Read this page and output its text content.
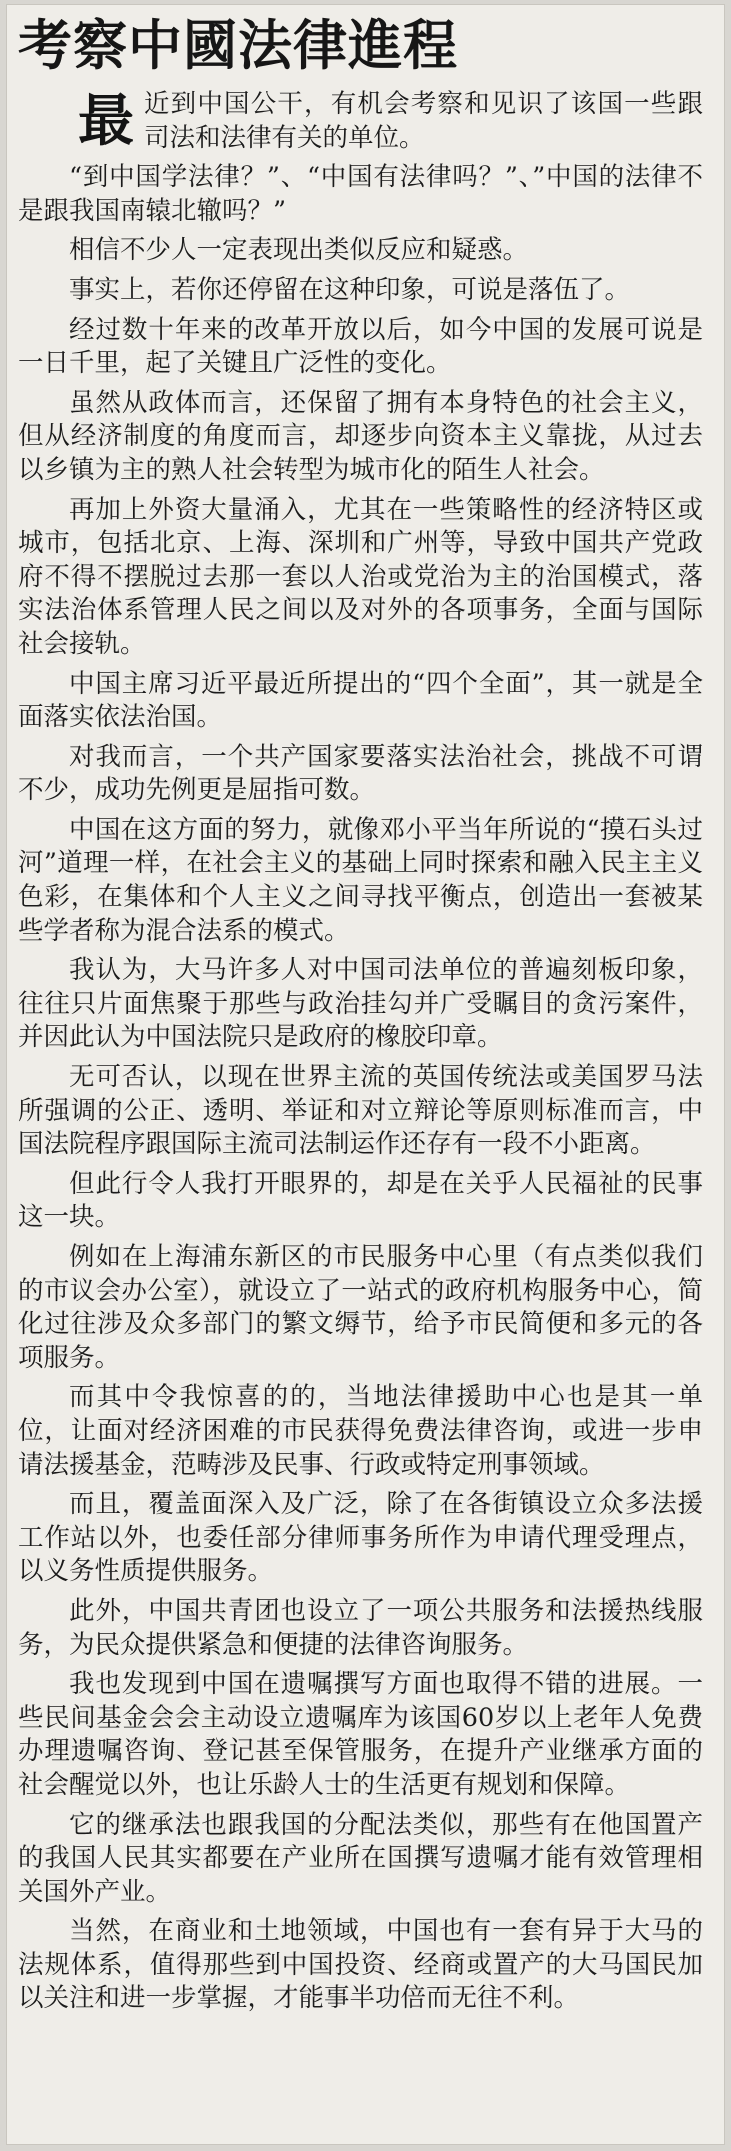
考察中國法律進程

最近到中国公干，有机会考察和见识了该国一些跟司法和法律有关的单位。

“到中国学法律？”、“中国有法律吗？”、”中国的法律不是跟我国南辕北辙吗？”

相信不少人一定表现出类似反应和疑惑。

事实上，若你还停留在这种印象，可说是落伍了。

经过数十年来的改革开放以后，如今中国的发展可说是一日千里，起了关键且广泛性的变化。

虽然从政体而言，还保留了拥有本身特色的社会主义，但从经济制度的角度而言，却逐步向资本主义靠拢，从过去以乡镇为主的熟人社会转型为城市化的陌生人社会。

再加上外资大量涌入，尤其在一些策略性的经济特区或城市，包括北京、上海、深圳和广州等，导致中国共产党政府不得不摆脱过去那一套以人治或党治为主的治国模式，落实法治体系管理人民之间以及对外的各项事务，全面与国际社会接轨。

中国主席习近平最近所提出的“四个全面”，其一就是全面落实依法治国。

对我而言，一个共产国家要落实法治社会，挑战不可谓不少，成功先例更是屈指可数。

中国在这方面的努力，就像邓小平当年所说的“摸石头过河”道理一样，在社会主义的基础上同时探索和融入民主主义色彩，在集体和个人主义之间寻找平衡点，创造出一套被某些学者称为混合法系的模式。

我认为，大马许多人对中国司法单位的普遍刻板印象，往往只片面焦聚于那些与政治挂勾并广受瞩目的贪污案件，并因此认为中国法院只是政府的橡胶印章。

无可否认，以现在世界主流的英国传统法或美国罗马法所强调的公正、透明、举证和对立辩论等原则标准而言，中国法院程序跟国际主流司法制运作还存有一段不小距离。

但此行令人我打开眼界的，却是在关乎人民福祉的民事这一块。

例如在上海浦东新区的市民服务中心里（有点类似我们的市议会办公室），就设立了一站式的政府机构服务中心，简化过往涉及众多部门的繁文缛节，给予市民简便和多元的各项服务。

而其中令我惊喜的的，当地法律援助中心也是其一单位，让面对经济困难的市民获得免费法律咨询，或进一步申请法援基金，范畴涉及民事、行政或特定刑事领域。

而且，覆盖面深入及广泛，除了在各街镇设立众多法援工作站以外，也委任部分律师事务所作为申请代理受理点，以义务性质提供服务。

此外，中国共青团也设立了一项公共服务和法援热线服务，为民众提供紧急和便捷的法律咨询服务。

我也发现到中国在遗嘱撰写方面也取得不错的进展。一些民间基金会会主动设立遗嘱库为该国60岁以上老年人免费办理遗嘱咨询、登记甚至保管服务，在提升产业继承方面的社会醒觉以外，也让乐龄人士的生活更有规划和保障。

它的继承法也跟我国的分配法类似，那些有在他国置产的我国人民其实都要在产业所在国撰写遗嘱才能有效管理相关国外产业。

当然，在商业和土地领域，中国也有一套有异于大马的法规体系，值得那些到中国投资、经商或置产的大马国民加以关注和进一步掌握，才能事半功倍而无往不利。
